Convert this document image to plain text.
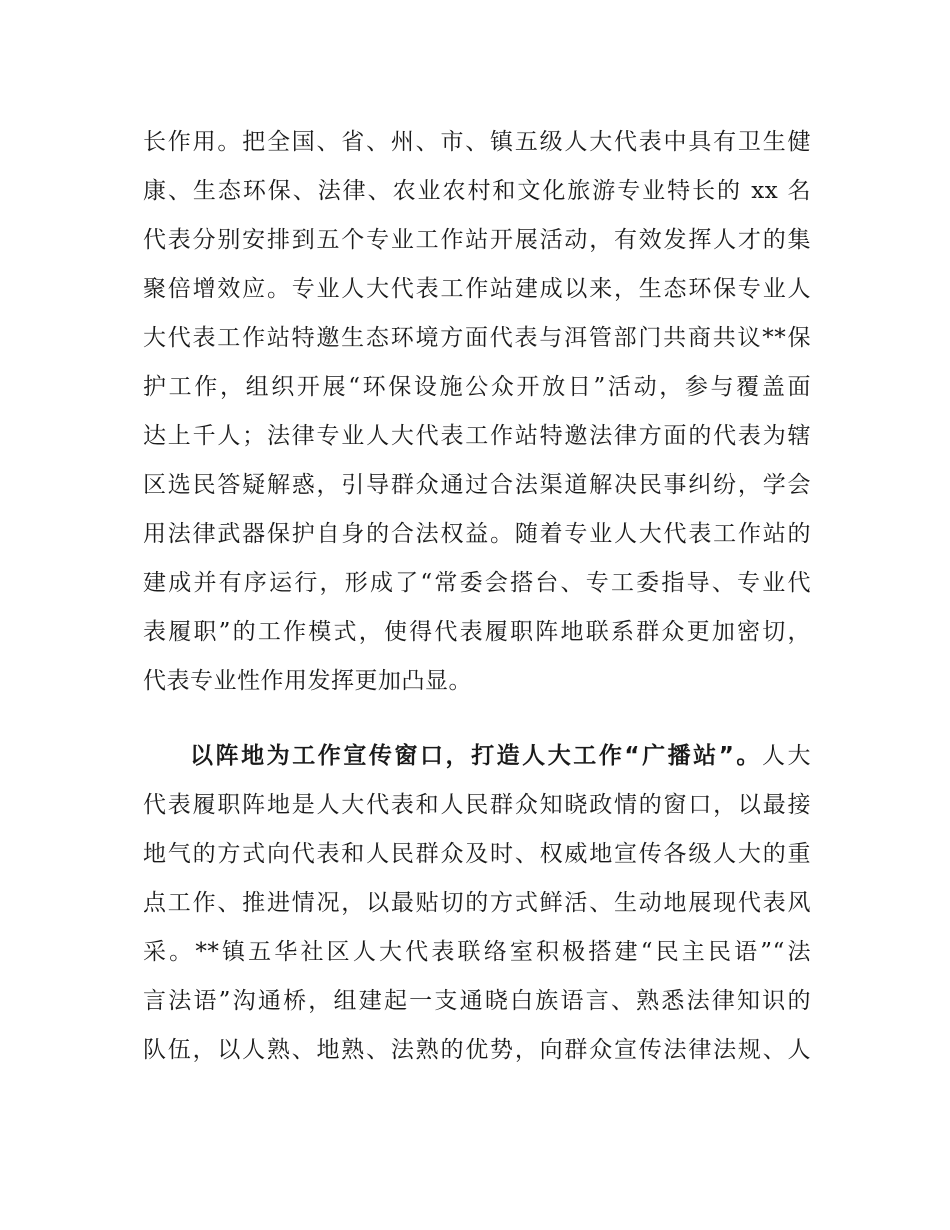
长作用。把全国、省、州、市、镇五级人大代表中具有卫生健
康、生态环保、法律、农业农村和文化旅游专业特长的 xx 名
代表分别安排到五个专业工作站开展活动，有效发挥人才的集
聚倍增效应。专业人大代表工作站建成以来，生态环保专业人
大代表工作站特邀生态环境方面代表与洱管部门共商共议**保
护工作，组织开展“环保设施公众开放日”活动，参与覆盖面
达上千人；法律专业人大代表工作站特邀法律方面的代表为辖
区选民答疑解惑，引导群众通过合法渠道解决民事纠纷，学会
用法律武器保护自身的合法权益。随着专业人大代表工作站的
建成并有序运行，形成了“常委会搭台、专工委指导、专业代
表履职”的工作模式，使得代表履职阵地联系群众更加密切，
代表专业性作用发挥更加凸显。
以阵地为工作宣传窗口，打造人大工作“广播站”。人大
代表履职阵地是人大代表和人民群众知晓政情的窗口，以最接
地气的方式向代表和人民群众及时、权威地宣传各级人大的重
点工作、推进情况，以最贴切的方式鲜活、生动地展现代表风
采。**镇五华社区人大代表联络室积极搭建“民主民语”“法
言法语”沟通桥，组建起一支通晓白族语言、熟悉法律知识的
队伍，以人熟、地熟、法熟的优势，向群众宣传法律法规、人
